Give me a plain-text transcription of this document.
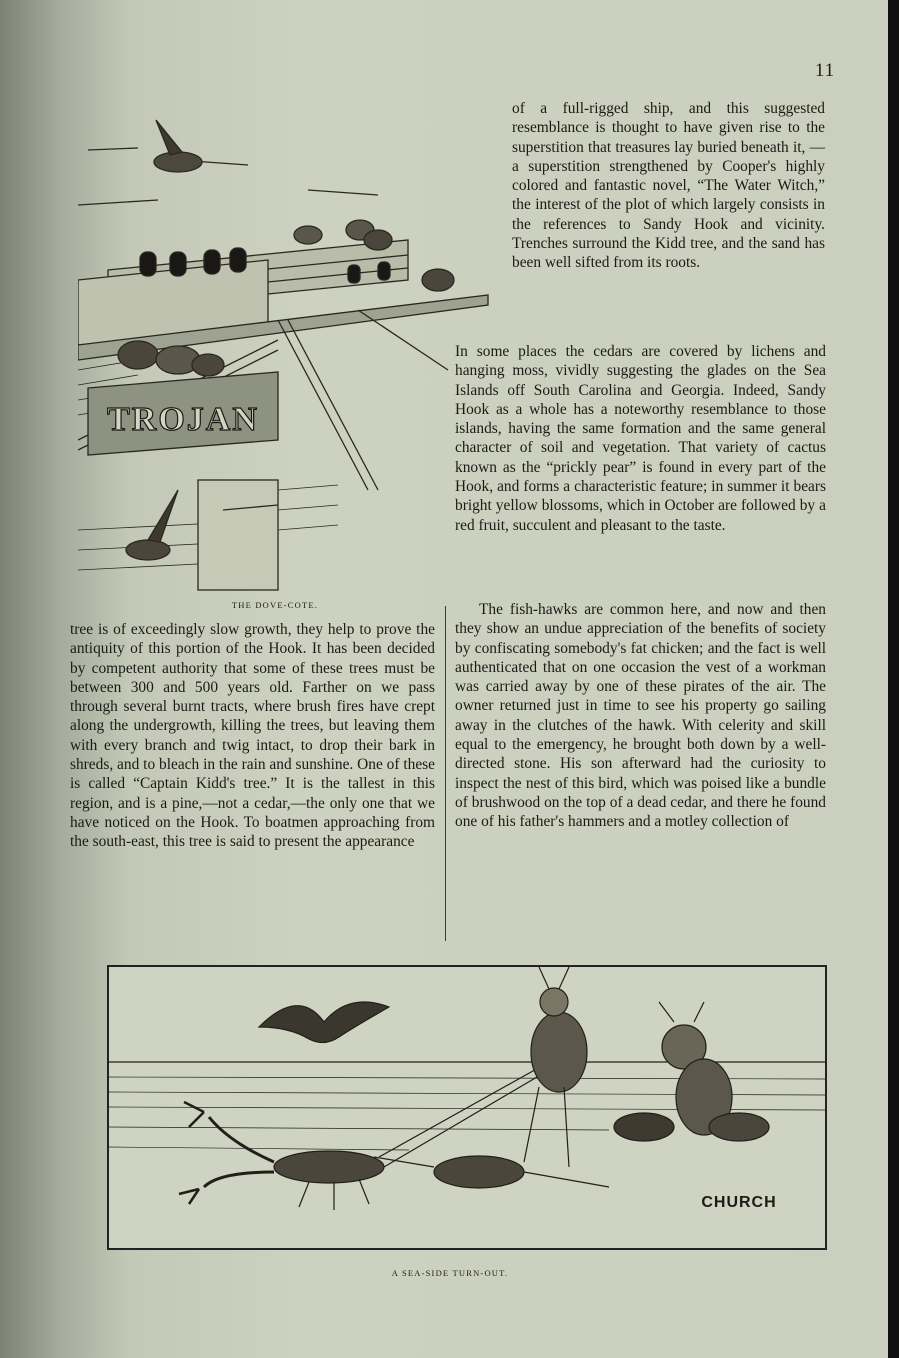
11
TROJAN
THE DOVE-COTE.

of a full-rigged ship, and this suggested resemblance is thought to have given rise to the superstition that treasures lay buried beneath it, —a superstition strengthened by Cooper's highly colored and fantastic novel, “The Water Witch,” the interest of the plot of which largely consists in the references to Sandy Hook and vicinity. Trenches surround the Kidd tree, and the sand has been well sifted from its roots.

In some places the cedars are covered by lichens and hanging moss, vividly suggesting the glades on the Sea Islands off South Carolina and Georgia. Indeed, Sandy Hook as a whole has a noteworthy resemblance to those islands, having the same formation and the same general character of soil and vegetation. That variety of cactus known as the “prickly pear” is found in every part of the Hook, and forms a characteristic feature; in summer it bears bright yellow blossoms, which in October are followed by a red fruit, succulent and pleasant to the taste.

tree is of exceedingly slow growth, they help to prove the antiquity of this portion of the Hook. It has been decided by competent authority that some of these trees must be between 300 and 500 years old. Farther on we pass through several burnt tracts, where brush fires have crept along the undergrowth, killing the trees, but leaving them with every branch and twig intact, to drop their bark in shreds, and to bleach in the rain and sunshine. One of these is called “Captain Kidd's tree.” It is the tallest in this region, and is a pine,—not a cedar,—the only one that we have noticed on the Hook. To boatmen approaching from the south-east, this tree is said to present the appearance

The fish-hawks are common here, and now and then they show an undue appreciation of the benefits of society by confiscating somebody's fat chicken; and the fact is well authenticated that on one occasion the vest of a workman was carried away by one of these pirates of the air. The owner returned just in time to see his property go sailing away in the clutches of the hawk. With celerity and skill equal to the emergency, he brought both down by a well-directed stone. His son afterward had the curiosity to inspect the nest of this bird, which was poised like a bundle of brushwood on the top of a dead cedar, and there he found one of his father's hammers and a motley collection of

CHURCH
A SEA-SIDE TURN-OUT.
